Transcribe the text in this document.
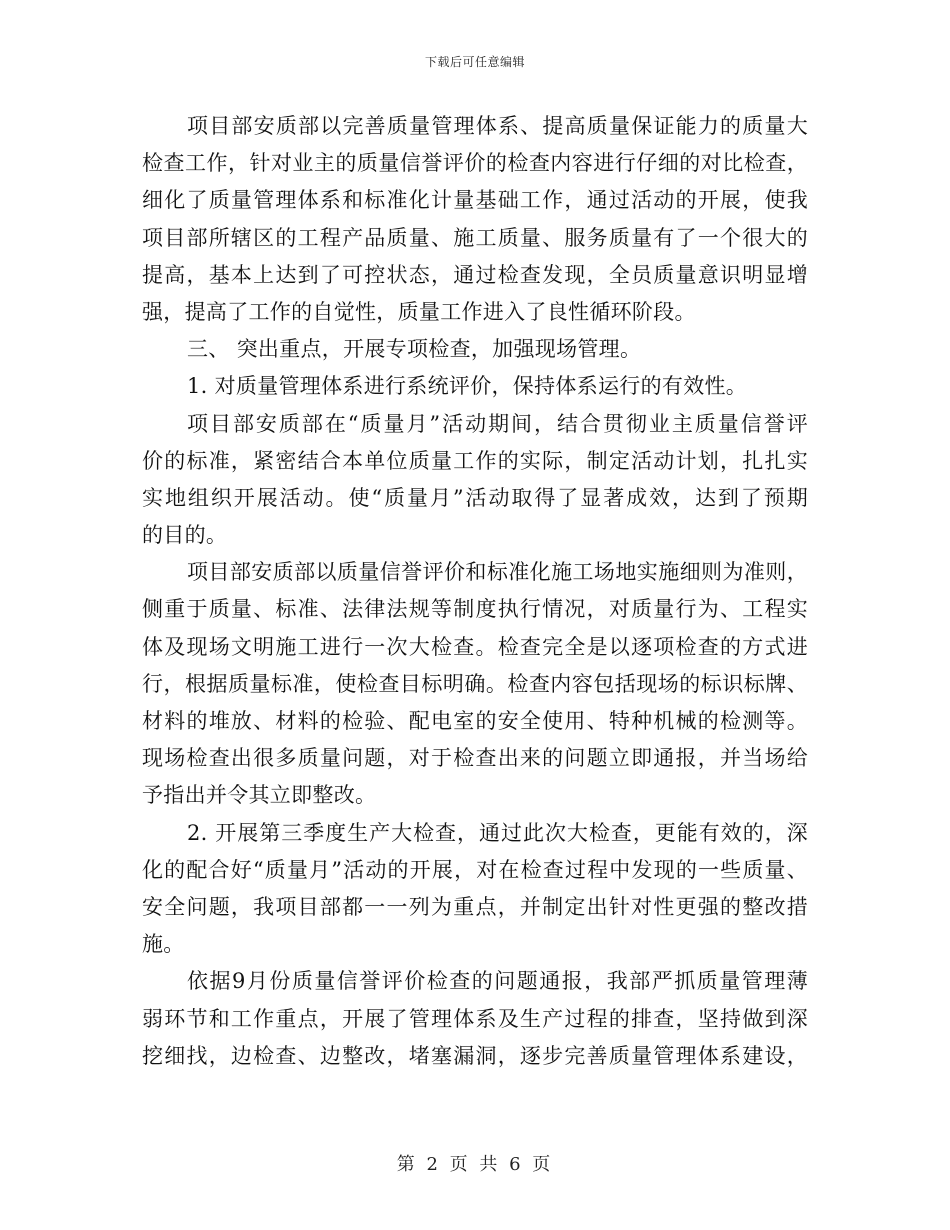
下载后可任意编辑
项目部安质部以完善质量管理体系、提高质量保证能力的质量大
检查工作，针对业主的质量信誉评价的检查内容进行仔细的对比检查，
细化了质量管理体系和标准化计量基础工作，通过活动的开展，使我
项目部所辖区的工程产品质量、施工质量、服务质量有了一个很大的
提高，基本上达到了可控状态，通过检查发现，全员质量意识明显增
强，提高了工作的自觉性，质量工作进入了良性循环阶段。
三、 突出重点，开展专项检查，加强现场管理。
1. 对质量管理体系进行系统评价，保持体系运行的有效性。
项目部安质部在“质量月”活动期间，结合贯彻业主质量信誉评
价的标准，紧密结合本单位质量工作的实际，制定活动计划，扎扎实
实地组织开展活动。使“质量月”活动取得了显著成效，达到了预期
的目的。
项目部安质部以质量信誉评价和标准化施工场地实施细则为准则，
侧重于质量、标准、法律法规等制度执行情况，对质量行为、工程实
体及现场文明施工进行一次大检查。检查完全是以逐项检查的方式进
行，根据质量标准，使检查目标明确。检查内容包括现场的标识标牌、
材料的堆放、材料的检验、配电室的安全使用、特种机械的检测等。
现场检查出很多质量问题，对于检查出来的问题立即通报，并当场给
予指出并令其立即整改。
2. 开展第三季度生产大检查，通过此次大检查，更能有效的，深
化的配合好“质量月”活动的开展，对在检查过程中发现的一些质量、
安全问题，我项目部都一一列为重点，并制定出针对性更强的整改措
施。
依据9月份质量信誉评价检查的问题通报，我部严抓质量管理薄
弱环节和工作重点，开展了管理体系及生产过程的排查，坚持做到深
挖细找，边检查、边整改，堵塞漏洞，逐步完善质量管理体系建设，
第 2 页 共 6 页
